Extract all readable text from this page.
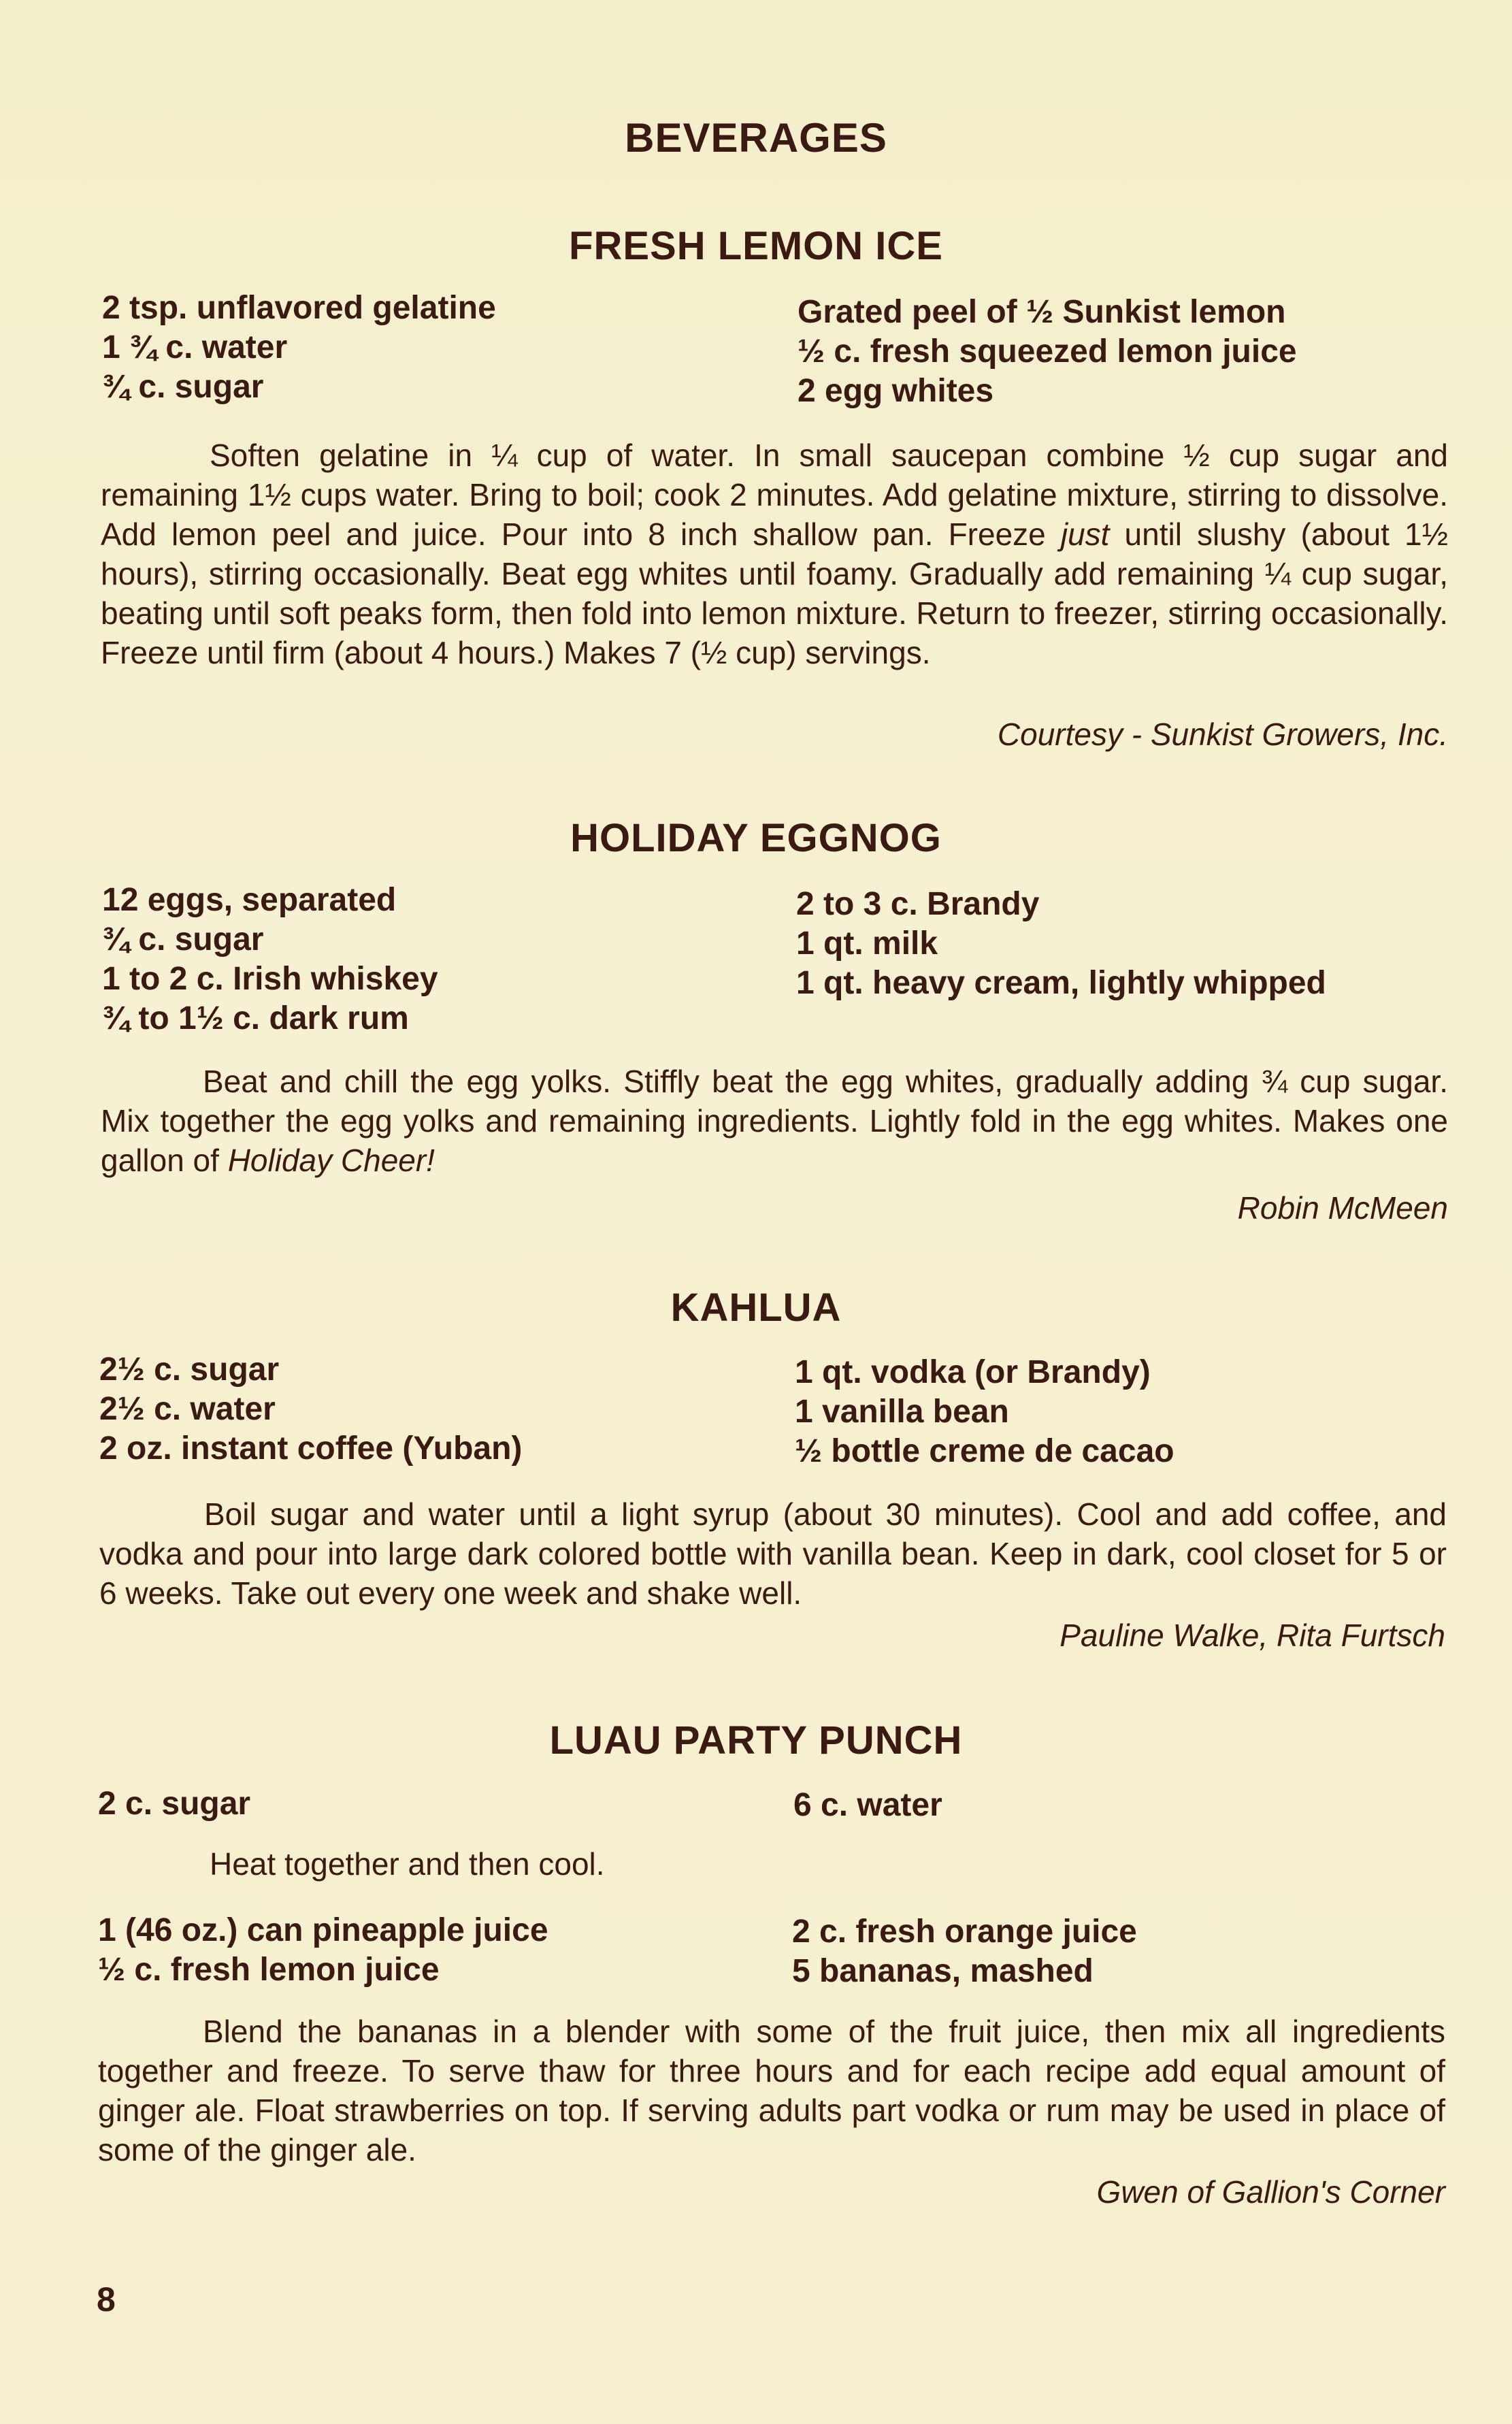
BEVERAGES
FRESH LEMON ICE
2 tsp. unflavored gelatine
1 ¾ c. water
¾ c. sugar
Grated peel of ½ Sunkist lemon
½ c. fresh squeezed lemon juice
2 egg whites
Soften gelatine in ¼ cup of water. In small saucepan combine ½ cup sugar and remaining 1½ cups water. Bring to boil; cook 2 minutes. Add gelatine mixture, stirring to dissolve. Add lemon peel and juice. Pour into 8 inch shallow pan. Freeze just until slushy (about 1½ hours), stirring occasionally. Beat egg whites until foamy. Gradually add remaining ¼ cup sugar, beating until soft peaks form, then fold into lemon mixture. Return to freezer, stirring occasionally. Freeze until firm (about 4 hours.) Makes 7 (½ cup) servings.
Courtesy - Sunkist Growers, Inc.
HOLIDAY EGGNOG
12 eggs, separated
¾ c. sugar
1 to 2 c. Irish whiskey
¾ to 1½ c. dark rum
2 to 3 c. Brandy
1 qt. milk
1 qt. heavy cream, lightly whipped
Beat and chill the egg yolks. Stiffly beat the egg whites, gradually adding ¾ cup sugar. Mix together the egg yolks and remaining ingredients. Lightly fold in the egg whites. Makes one gallon of Holiday Cheer!
Robin McMeen
KAHLUA
2½ c. sugar
2½ c. water
2 oz. instant coffee (Yuban)
1 qt. vodka (or Brandy)
1 vanilla bean
½ bottle creme de cacao
Boil sugar and water until a light syrup (about 30 minutes). Cool and add coffee, and vodka and pour into large dark colored bottle with vanilla bean. Keep in dark, cool closet for 5 or 6 weeks. Take out every one week and shake well.
Pauline Walke, Rita Furtsch
LUAU PARTY PUNCH
2 c. sugar	6 c. water
Heat together and then cool.
1 (46 oz.) can pineapple juice
½ c. fresh lemon juice
2 c. fresh orange juice
5 bananas, mashed
Blend the bananas in a blender with some of the fruit juice, then mix all ingredients together and freeze. To serve thaw for three hours and for each recipe add equal amount of ginger ale. Float strawberries on top. If serving adults part vodka or rum may be used in place of some of the ginger ale.
Gwen of Gallion's Corner
8
